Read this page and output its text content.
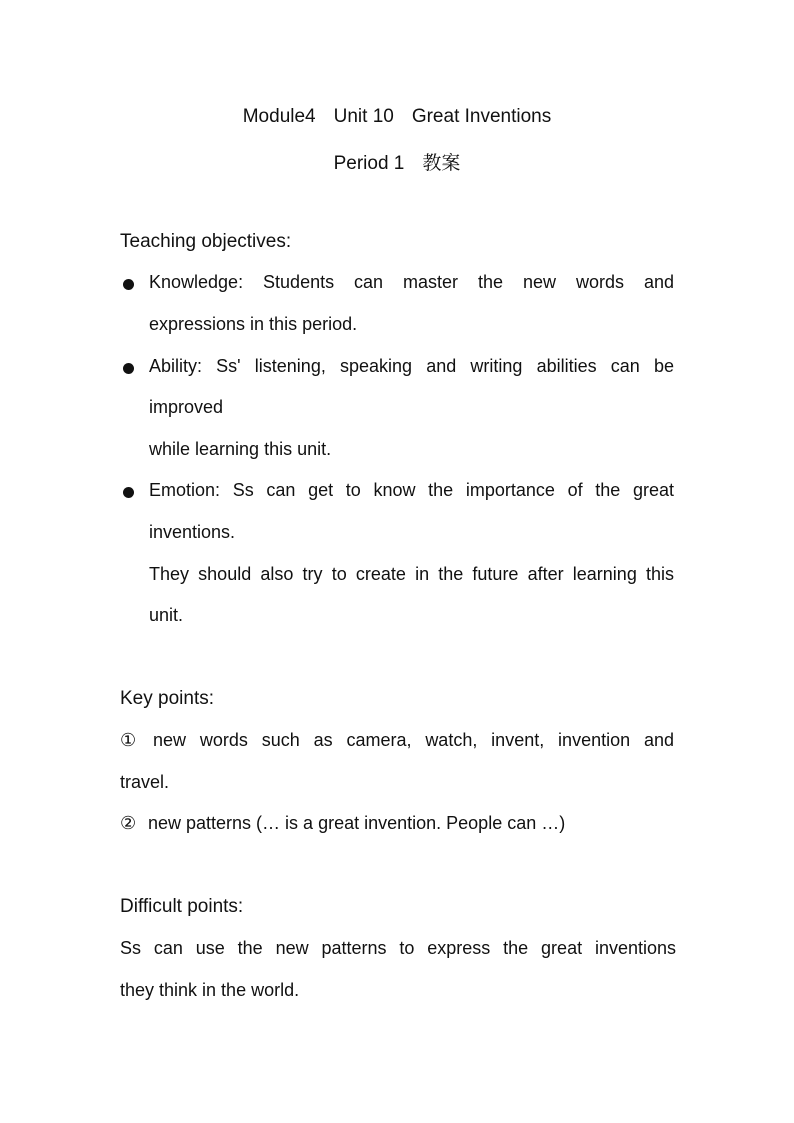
Module4 Unit 10 Great Inventions
Period 1 教案
Teaching objectives:
Knowledge: Students can master the new words and
expressions in this period.
Ability: Ss' listening, speaking and writing abilities can be
improved
while learning this unit.
Emotion: Ss can get to know the importance of the great
inventions.
They should also try to create in the future after learning this
unit.
Key points:
① new words such as camera, watch, invent, invention and
travel.
② new patterns (… is a great invention. People can …)
Difficult points:
Ss can use the new patterns to express the great inventions
they think in the world.
